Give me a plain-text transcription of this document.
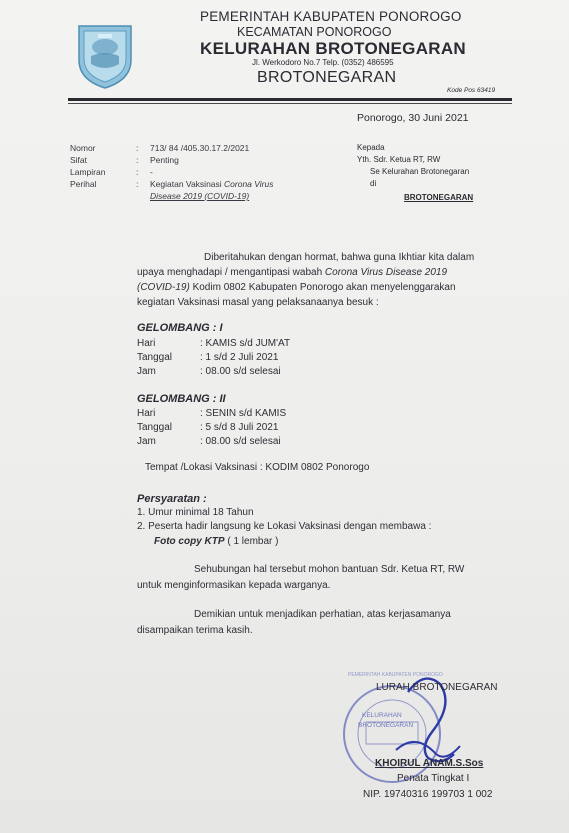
PEMERINTAH KABUPATEN PONOROGO
KECAMATAN PONOROGO
KELURAHAN BROTONEGARAN
Jl. Werkodoro No.7 Telp. (0352) 486595
BROTONEGARAN
Kode Pos 63419
Ponorogo, 30 Juni 2021
Nomor	: 713/ 84 /405.30.17.2/2021
Sifat	: Penting
Lampiran	: -
Perihal	: Kegiatan Vaksinasi Corona Virus
Disease 2019 (COVID-19)
Kepada
Yth. Sdr. Ketua RT, RW
Se Kelurahan Brotonegaran
di
BROTONEGARAN
Diberitahukan dengan hormat, bahwa guna Ikhtiar kita dalam
upaya menghadapi / mengantipasi wabah Corona Virus Disease 2019
(COVID-19) Kodim 0802 Kabupaten Ponorogo akan menyelenggarakan
kegiatan Vaksinasi masal yang pelaksanaanya besuk :
GELOMBANG : I
Hari	: KAMIS s/d JUM'AT
Tanggal	: 1 s/d 2 Juli 2021
Jam	: 08.00 s/d selesai
GELOMBANG : II
Hari	: SENIN s/d KAMIS
Tanggal	: 5 s/d 8 Juli 2021
Jam	: 08.00 s/d selesai
Tempat /Lokasi Vaksinasi : KODIM 0802 Ponorogo
Persyaratan :
1. Umur minimal 18 Tahun
2. Peserta hadir langsung ke Lokasi Vaksinasi dengan membawa :
Foto copy KTP ( 1 lembar )
Sehubungan hal tersebut mohon bantuan Sdr. Ketua RT, RW
untuk menginformasikan kepada warganya.
Demikian untuk menjadikan perhatian, atas kerjasamanya
disampaikan terima kasih.
KELURAHAN
BROTONEGARAN
PEMERINTAH KABUPATEN PONOROGO
LURAH BROTONEGARAN
KHOIRUL ANAM.S.Sos
Penata Tingkat I
NIP. 19740316 199703 1 002
